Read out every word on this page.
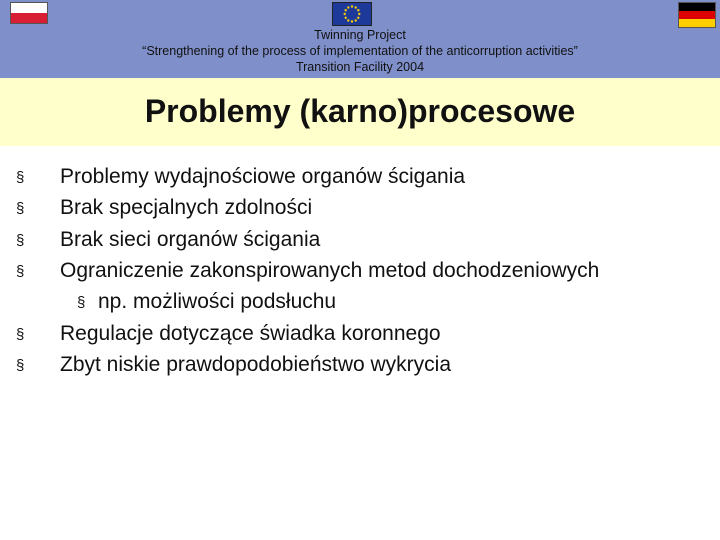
Twinning Project
“Strengthening of the process of implementation of the anticorruption activities”
Transition Facility 2004
Problemy (karno)procesowe
§ Problemy wydajnościowe organów ścigania
§ Brak specjalnych zdolności
§ Brak sieci organów ścigania
§ Ograniczenie zakonspirowanych metod dochodzeniowych
§ np. możliwości podsłuchu
§ Regulacje dotyczące świadka koronnego
§ Zbyt niskie prawdopodobieństwo wykrycia
